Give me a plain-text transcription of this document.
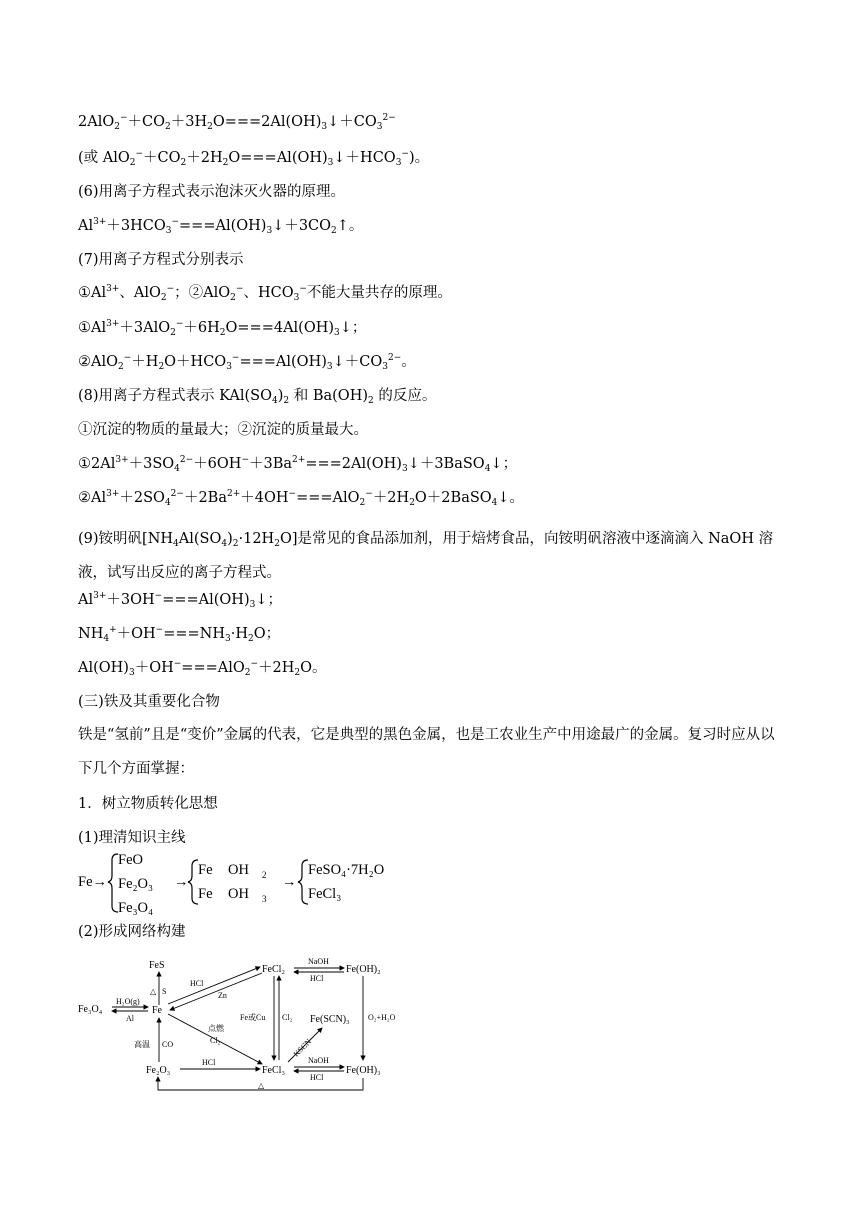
$2AlO_2^-+CO_2+3H_2O===2Al(OH)_3↓+CO_3^{2-}$
(或 $AlO_2^-+CO_2+2H_2O===Al(OH)_3↓+HCO_3^-$)。
(6)用离子方程式表示泡沫灭火器的原理。
$Al^{3+}+3HCO_3^-===Al(OH)_3↓+3CO_2↑$。
(7)用离子方程式分别表示
$①Al^{3+}$、AlO$_2$−；②AlO$_2$−、$HCO_3^-$不能大量共存的原理。
$①Al^{3+}+3AlO_2^-+6H_2O===4Al(OH)_3↓$；
$②AlO_2^-+H_2O+HCO_3^-===Al(OH)_3↓+CO_3^{2-}$。
(8)用离子方程式表示 $KAl(SO_4)_2$ 和 $Ba(OH)_2$ 的反应。
①沉淀的物质的量最大；②沉淀的质量最大。
$①2Al^{3+}+3SO_4^{2-}+6OH^-+3Ba^{2+}===2Al(OH)_3↓+3BaSO_4↓$；
$②Al^{3+}+2SO_4^{2-}+2Ba^{2+}+4OH^-===AlO_2^-+2H_2O+2BaSO_4↓$。
(9)铵明矾$[NH_4Al(SO_4)_2\cdot 12H_2O]$是常见的食品添加剂，用于焙烤食品，向铵明矾溶液中逐滴滴入 NaOH 溶液，试写出反应的离子方程式。
$Al^{3+}+3OH^-===Al(OH)_3↓$；
$NH_4^++OH^-===NH_3\cdot H_2O$；
$Al(OH)_3+OH^-===AlO_2^-+2H_2O$。
(三)铁及其重要化合物
铁是“氢前”且是“变价”金属的代表，它是典型的黑色金属，也是工农业生产中用途最广的金属。复习时应从以下几个方面掌握：
1．树立物质转化思想
(1)理清知识主线
Fe→
FeO
Fe₂O₃
Fe₃O₄
→
Fe OH 2
Fe OH 3
→
FeSO₄·7H₂O
FeCl₃
(2)形成网络构建
FeS
Fe₃O₄	Fe
Fe₂O₃
FeCl₂
FeCl₃
Fe(OH)₂
Fe(OH)₃
Fe(SCN)₃
△ S
H₂O(g)
Al
HCl
Zn
NaOH
HCl
高温 CO
点燃
Cl₂
Fe或Cu Cl₂
KSCN
O₂+H₂O
HCl	NaOH
HCl
△
